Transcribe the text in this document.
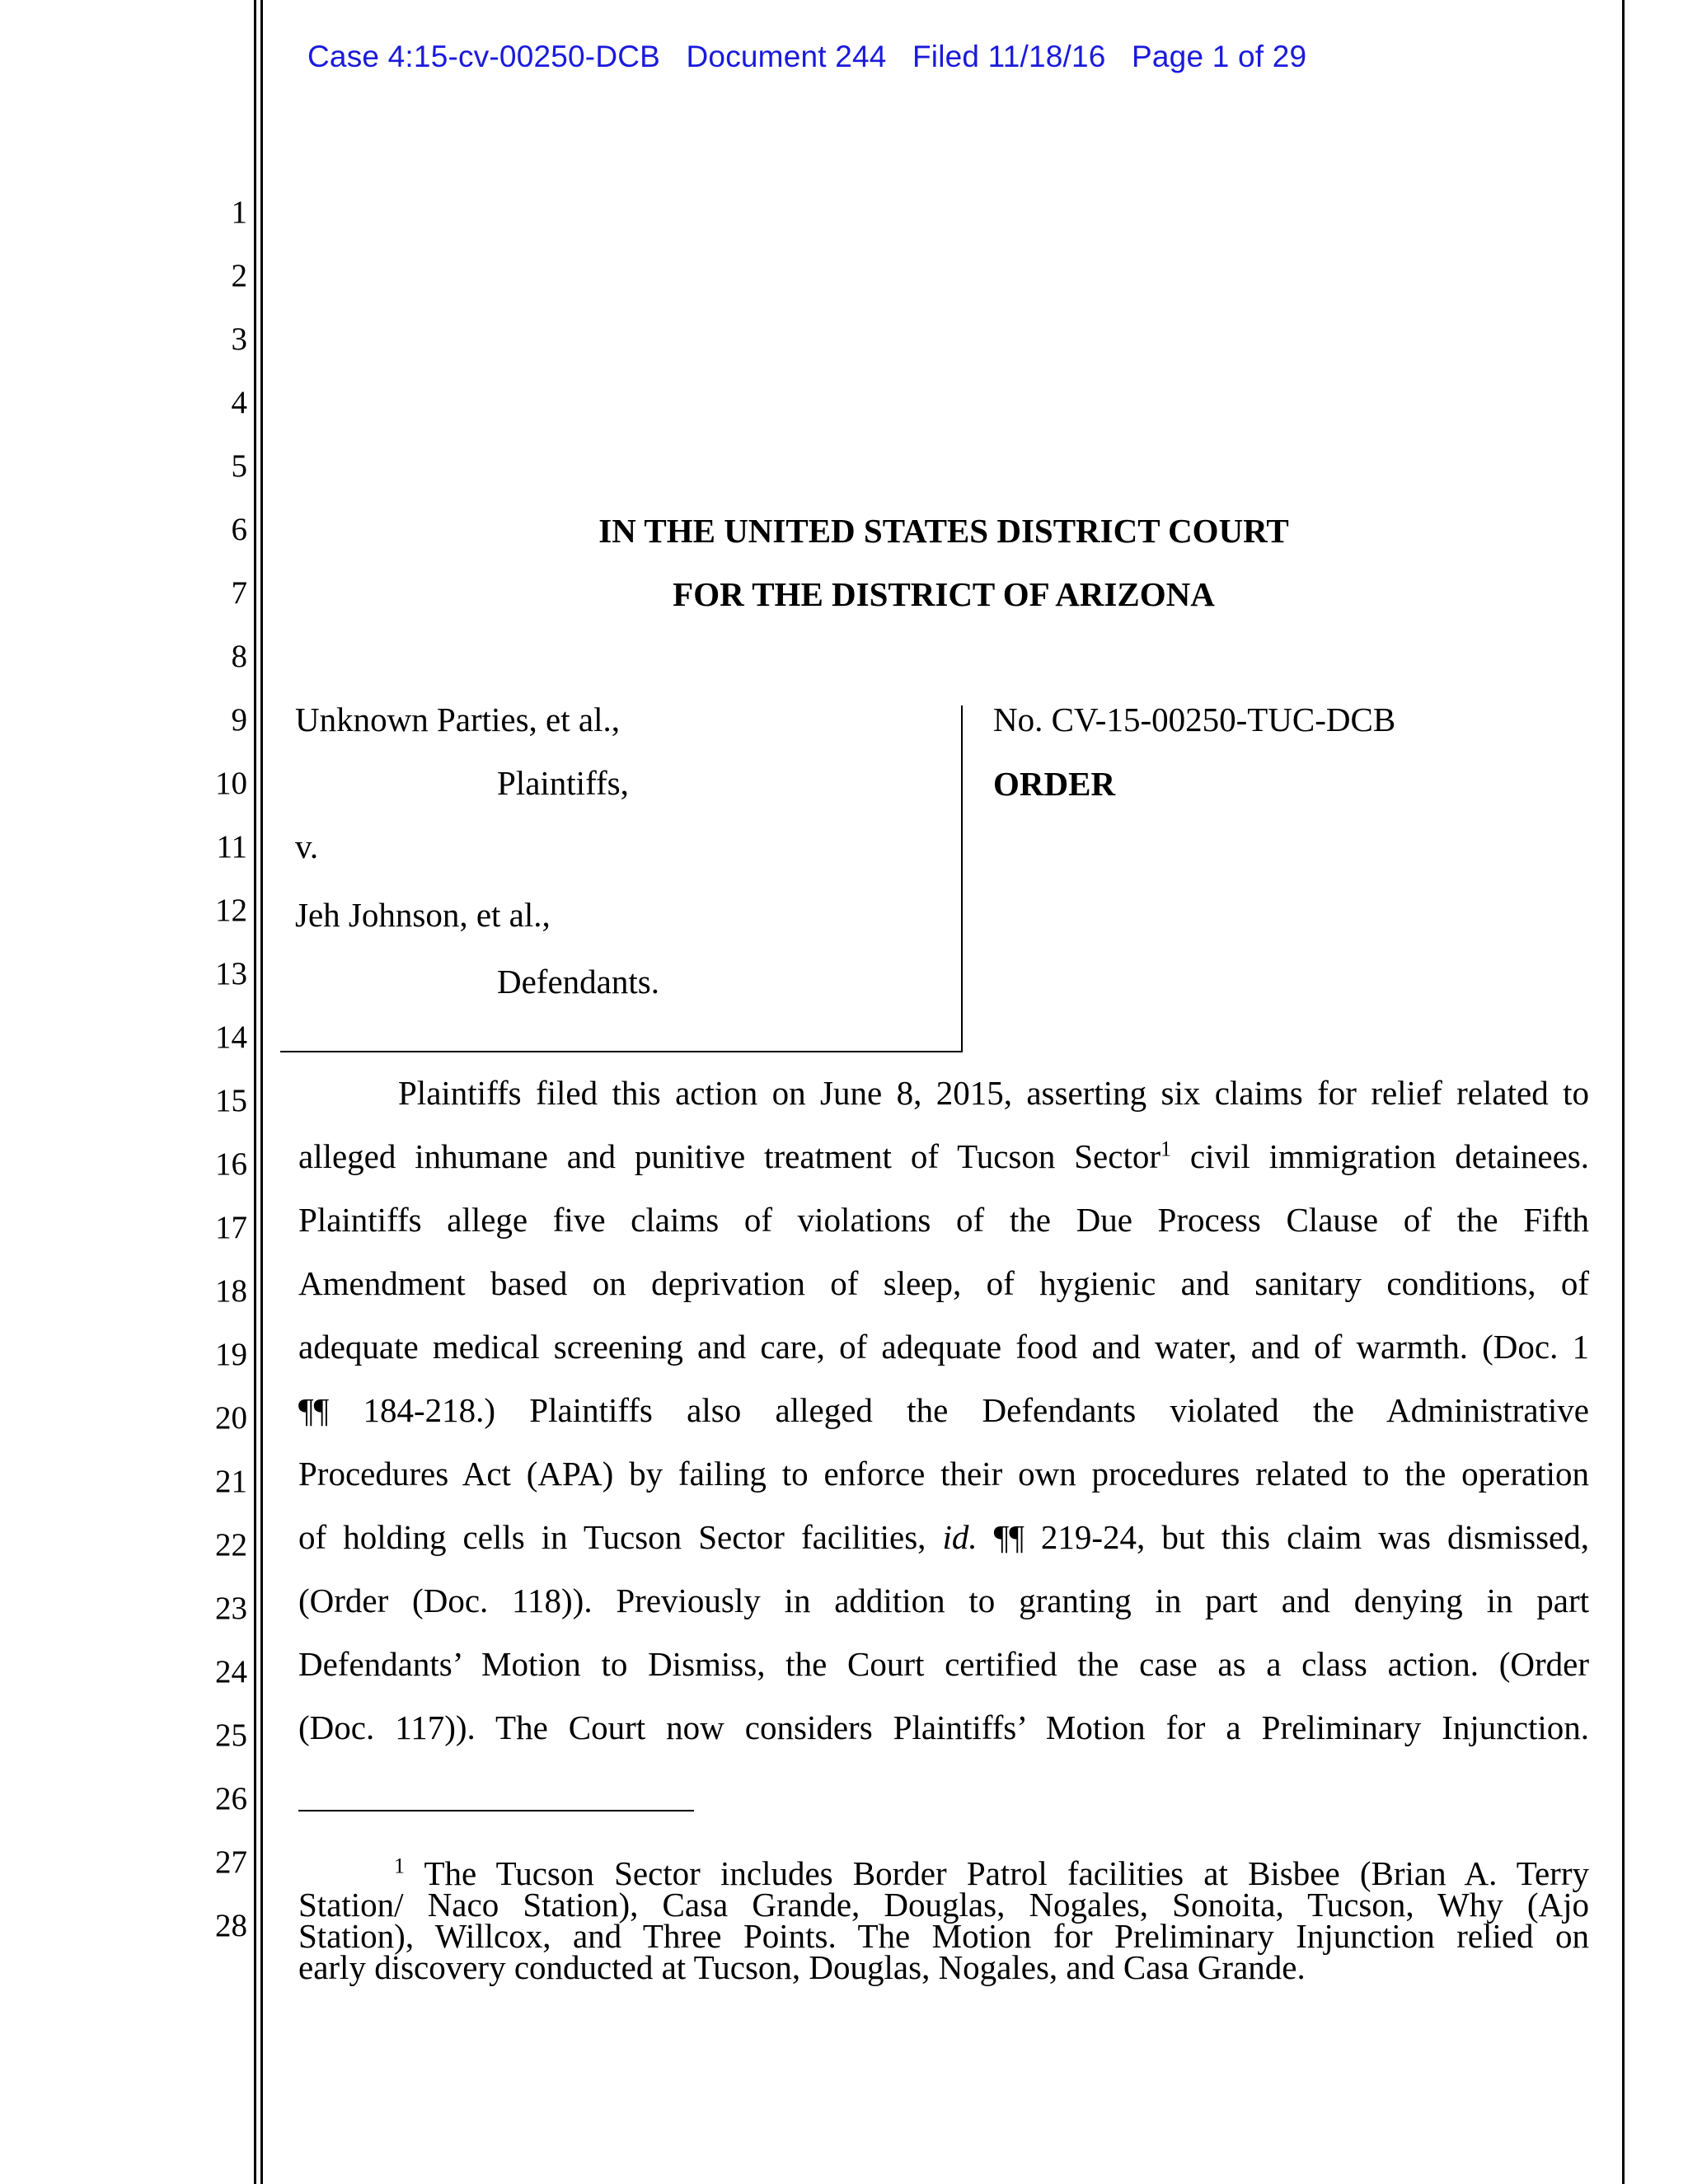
Case 4:15-cv-00250-DCB Document 244 Filed 11/18/16 Page 1 of 29
1
2
3
4
5
6
7
8
9
10
11
12
13
14
15
16
17
18
19
20
21
22
23
24
25
26
27
28
IN THE UNITED STATES DISTRICT COURT
FOR THE DISTRICT OF ARIZONA
Unknown Parties, et al.,
Plaintiffs,
v.
Jeh Johnson, et al.,
Defendants.
No. CV-15-00250-TUC-DCB
ORDER
Plaintiffs filed this action on June 8, 2015, asserting six claims for relief related to
alleged inhumane and punitive treatment of Tucson Sector$^1$ civil immigration detainees.
Plaintiffs allege five claims of violations of the Due Process Clause of the Fifth
Amendment based on deprivation of sleep, of hygienic and sanitary conditions, of
adequate medical screening and care, of adequate food and water, and of warmth. (Doc. 1
¶¶ 184-218.) Plaintiffs also alleged the Defendants violated the Administrative
Procedures Act (APA) by failing to enforce their own procedures related to the operation
of holding cells in Tucson Sector facilities, id. ¶¶ 219-24, but this claim was dismissed,
(Order (Doc. 118)). Previously in addition to granting in part and denying in part
Defendants’ Motion to Dismiss, the Court certified the case as a class action. (Order
(Doc. 117)). The Court now considers Plaintiffs’ Motion for a Preliminary Injunction.
$^1$ The Tucson Sector includes Border Patrol facilities at Bisbee (Brian A. Terry
Station/ Naco Station), Casa Grande, Douglas, Nogales, Sonoita, Tucson, Why (Ajo
Station), Willcox, and Three Points. The Motion for Preliminary Injunction relied on
early discovery conducted at Tucson, Douglas, Nogales, and Casa Grande.
